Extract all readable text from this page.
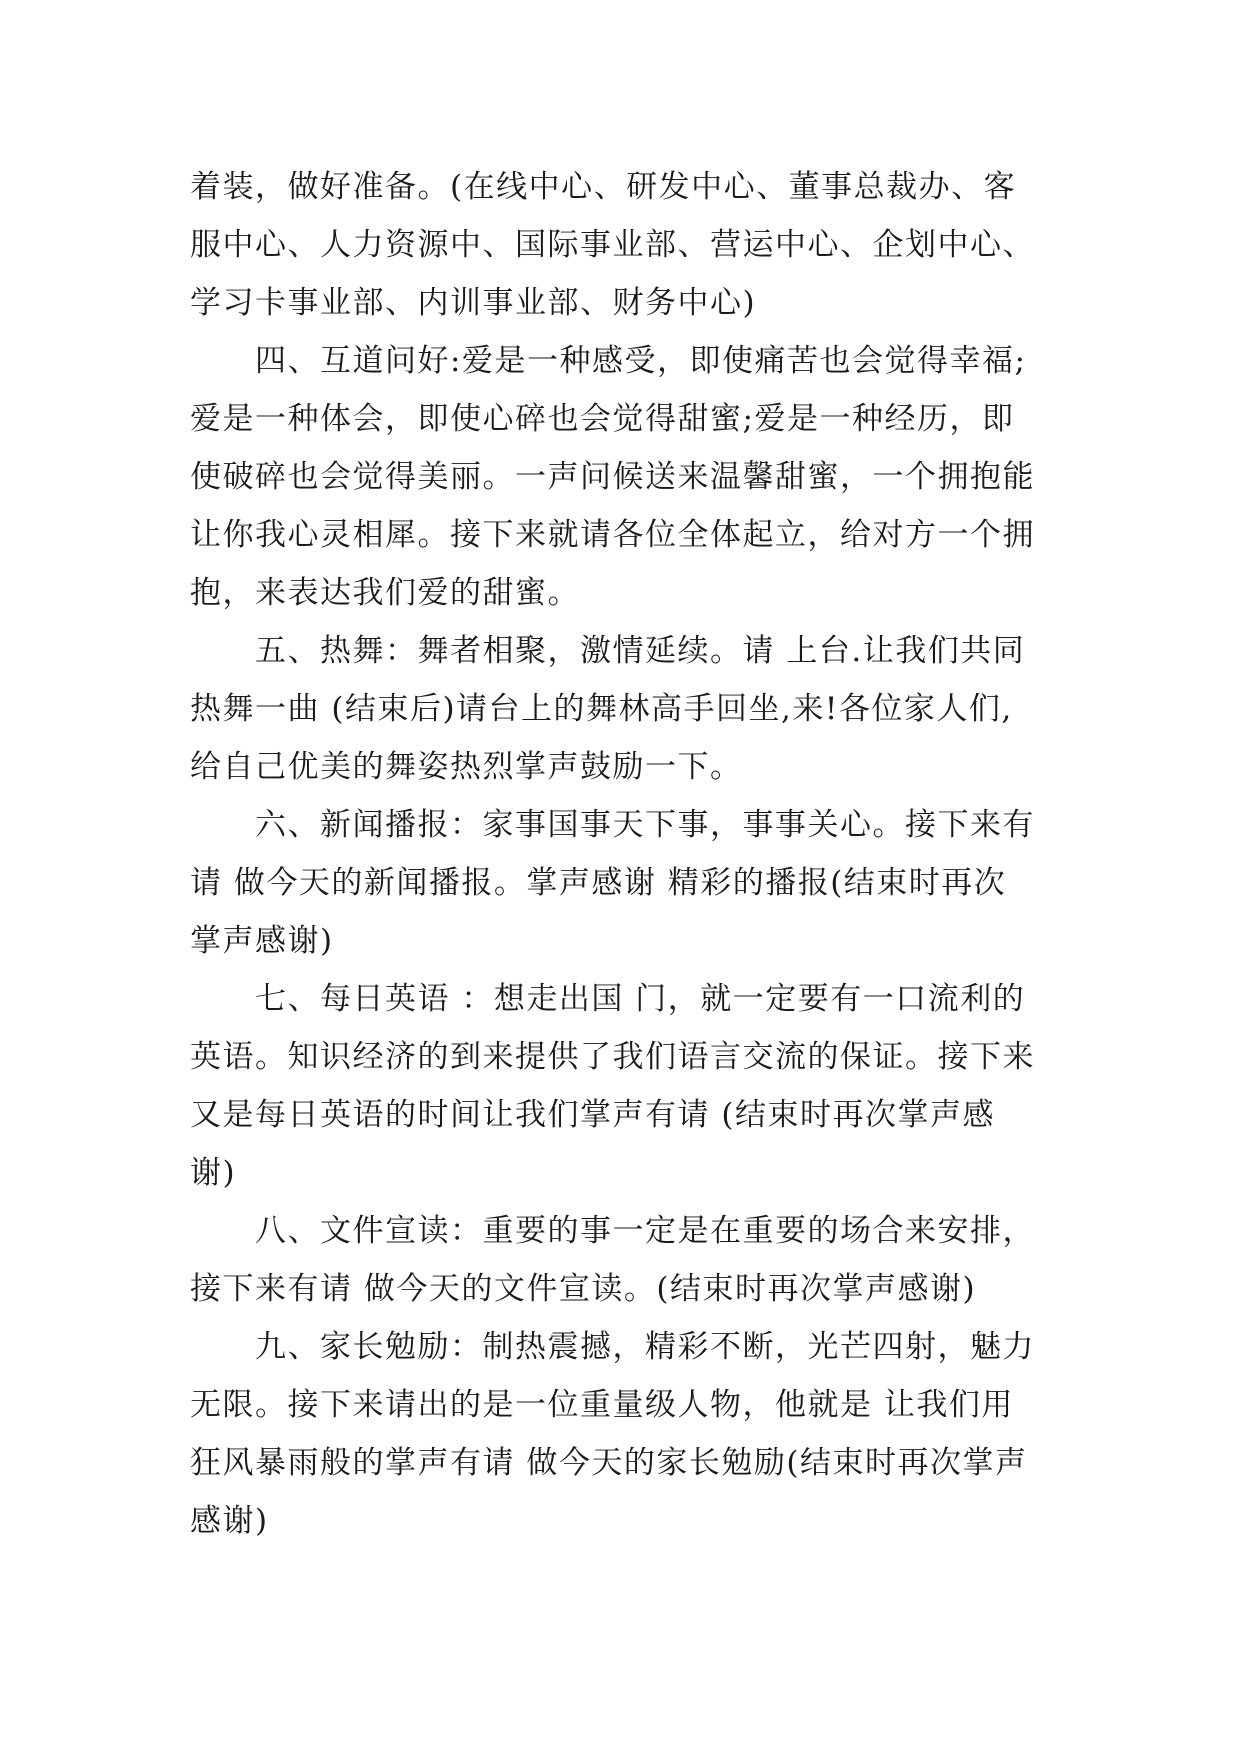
着装，做好准备。(在线中心、研发中心、董事总裁办、客
服中心、人力资源中、国际事业部、营运中心、企划中心、
学习卡事业部、内训事业部、财务中心)
　　四、互道问好:爱是一种感受，即使痛苦也会觉得幸福;
爱是一种体会，即使心碎也会觉得甜蜜;爱是一种经历，即
使破碎也会觉得美丽。一声问候送来温馨甜蜜，一个拥抱能
让你我心灵相犀。接下来就请各位全体起立，给对方一个拥
抱，来表达我们爱的甜蜜。
　　五、热舞：舞者相聚，激情延续。请 上台.让我们共同
热舞一曲 (结束后)请台上的舞林高手回坐,来!各位家人们,
给自己优美的舞姿热烈掌声鼓励一下。
　　六、新闻播报：家事国事天下事，事事关心。接下来有
请 做今天的新闻播报。掌声感谢 精彩的播报(结束时再次
掌声感谢)
　　七、每日英语 ：想走出国 门，就一定要有一口流利的
英语。知识经济的到来提供了我们语言交流的保证。接下来
又是每日英语的时间让我们掌声有请 (结束时再次掌声感
谢)
　　八、文件宣读：重要的事一定是在重要的场合来安排，
接下来有请 做今天的文件宣读。(结束时再次掌声感谢)
　　九、家长勉励：制热震撼，精彩不断，光芒四射，魅力
无限。接下来请出的是一位重量级人物，他就是 让我们用
狂风暴雨般的掌声有请 做今天的家长勉励(结束时再次掌声
感谢)
